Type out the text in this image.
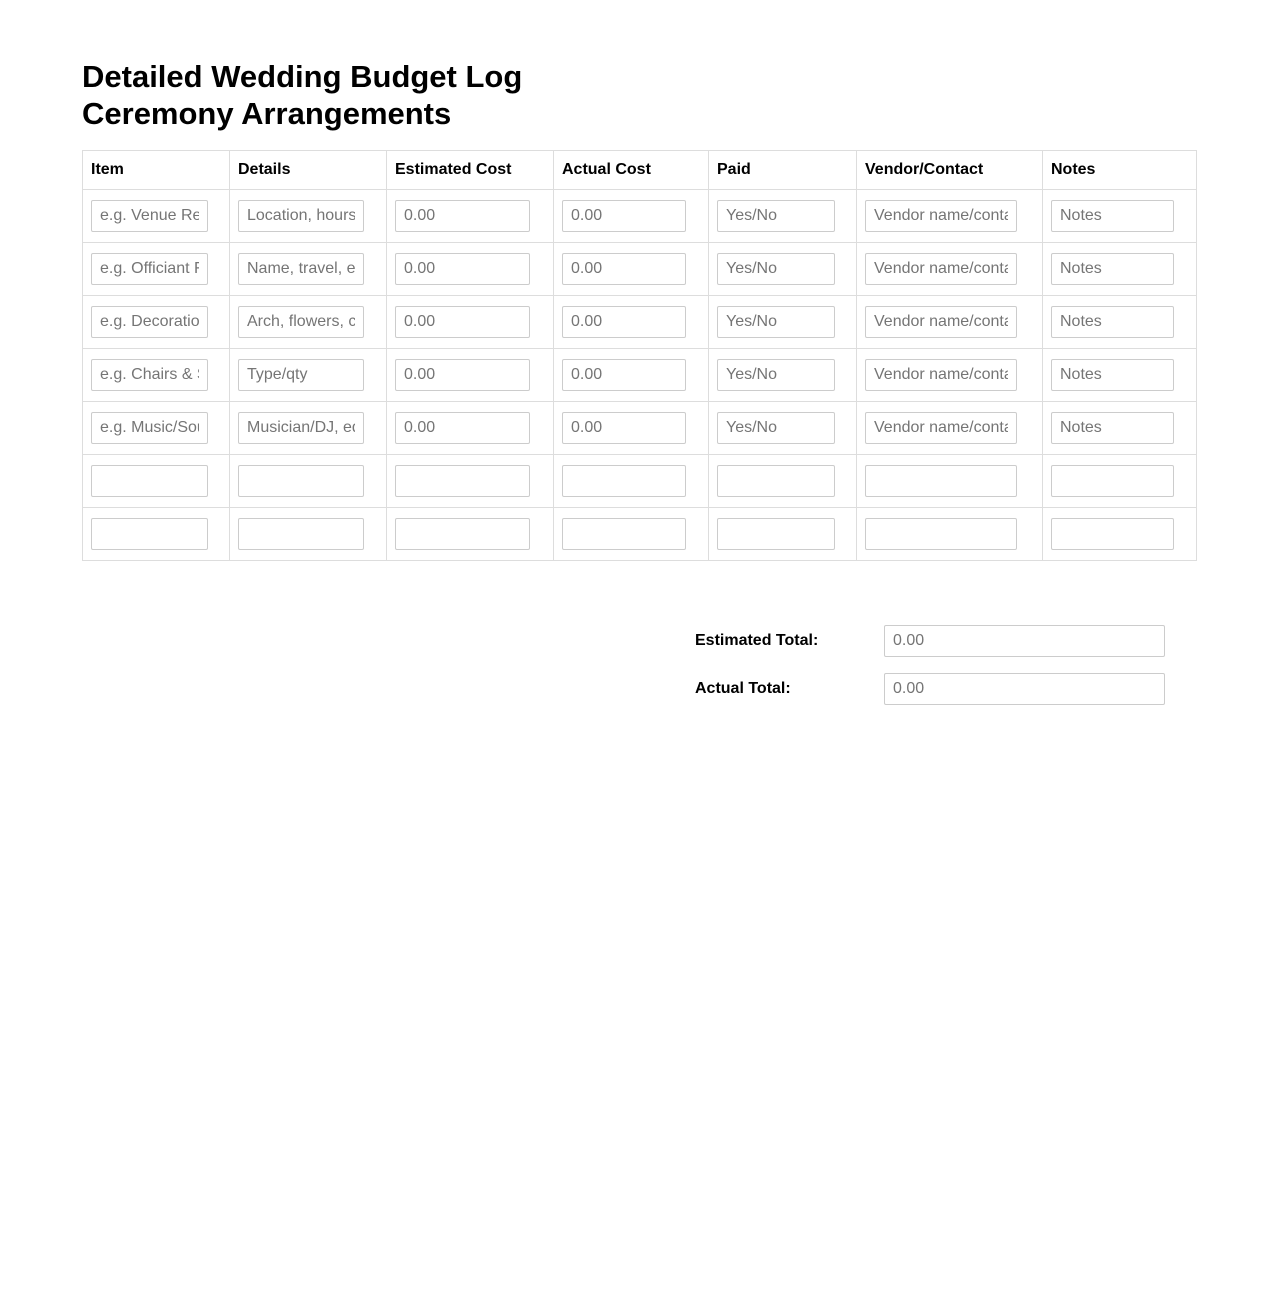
Detailed Wedding Budget Log
Ceremony Arrangements
Item	Details	Estimated Cost	Actual Cost	Paid	Vendor/Contact	Notes

e.g. Venue Rental	
Location, hours	
0.00	
0.00	
Yes/No	
Vendor name/contact	
Notes

e.g. Officiant Fee	
Name, travel, etc.	
0.00	
0.00	
Yes/No	
Vendor name/contact	
Notes

e.g. Decorations	
Arch, flowers, chairs	
0.00	
0.00	
Yes/No	
Vendor name/contact	
Notes

e.g. Chairs & Setup	
Type/qty	
0.00	
0.00	
Yes/No	
Vendor name/contact	
Notes

e.g. Music/Sound	
Musician/DJ, equipment	
0.00	
0.00	
Yes/No	
Vendor name/contact	
Notes

Estimated Total:
0.00
Actual Total:
0.00
